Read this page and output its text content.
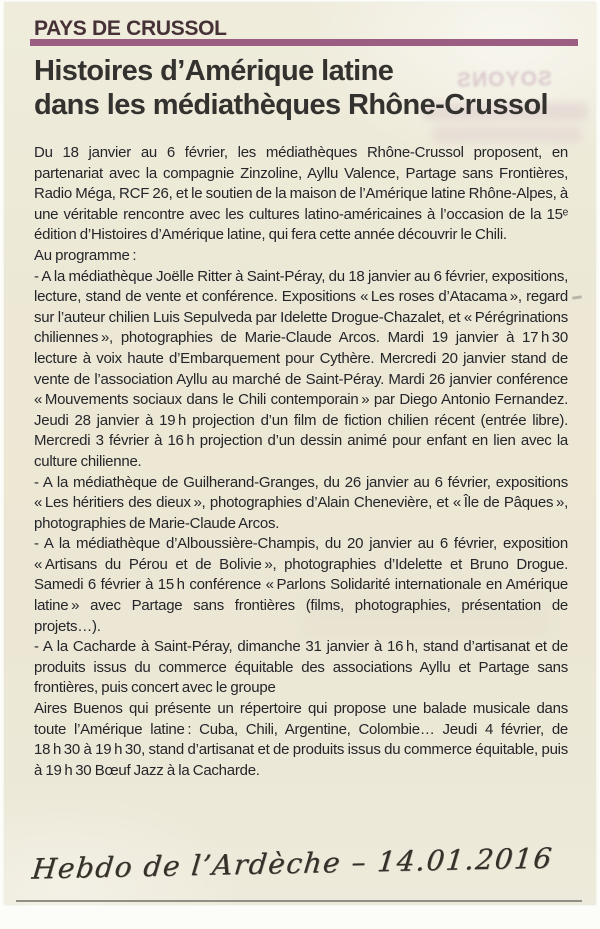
SOYONS
PAYS DE CRUSSOL
Histoires d’Amérique latine
dans les médiathèques Rhône-Crussol

Du 18 janvier au 6 février, les médiathèques Rhône-Crussol proposent, en partenariat avec la compagnie Zinzoline, Ayllu Valence, Partage sans Frontières, Radio Méga, RCF 26, et le soutien de la maison de l’Amérique latine Rhône-Alpes, à une véritable rencontre avec les cultures latino-américaines à l’occasion de la 15ᵉ édition d’Histoires d’Amérique latine, qui fera cette année découvrir le Chili.

Au programme :

- A la médiathèque Joëlle Ritter à Saint-Péray, du 18 janvier au 6 février, expositions, lecture, stand de vente et conférence. Expositions « Les roses d’Atacama », regard sur l’auteur chilien Luis Sepulveda par Idelette Drogue-Chazalet, et « Pérégrinations chiliennes », photographies de Marie-Claude Arcos. Mardi 19 janvier à 17 h 30 lecture à voix haute d’Embarquement pour Cythère. Mercredi 20 janvier stand de vente de l’association Ayllu au marché de Saint-Péray. Mardi 26 janvier conférence « Mouvements sociaux dans le Chili contemporain » par Diego Antonio Fernandez. Jeudi 28 janvier à 19 h projection d’un film de fiction chilien récent (entrée libre). Mercredi 3 février à 16 h projection d’un dessin animé pour enfant en lien avec la culture chilienne.

- A la médiathèque de Guilherand-Granges, du 26 janvier au 6 février, expositions « Les héritiers des dieux », photographies d’Alain Chenevière, et « Île de Pâques », photographies de Marie-Claude Arcos.

- A la médiathèque d’Alboussière-Champis, du 20 janvier au 6 février, exposition « Artisans du Pérou et de Bolivie », photographies d’Idelette et Bruno Drogue. Samedi 6 février à 15 h conférence « Parlons Solidarité internationale en Amérique latine » avec Partage sans frontières (films, photographies, présentation de projets…).

- A la Cacharde à Saint-Péray, dimanche 31 janvier à 16 h, stand d’artisanat et de produits issus du commerce équitable des associations Ayllu et Partage sans frontières, puis concert avec le groupe

Aires Buenos qui présente un répertoire qui propose une balade musicale dans toute l’Amérique latine : Cuba, Chili, Argentine, Colombie… Jeudi 4 février, de 18 h 30 à 19 h 30, stand d’artisanat et de produits issus du commerce équitable, puis à 19 h 30 Bœuf Jazz à la Cacharde.

Hebdo de l’Ardèche – 14.01.2016
